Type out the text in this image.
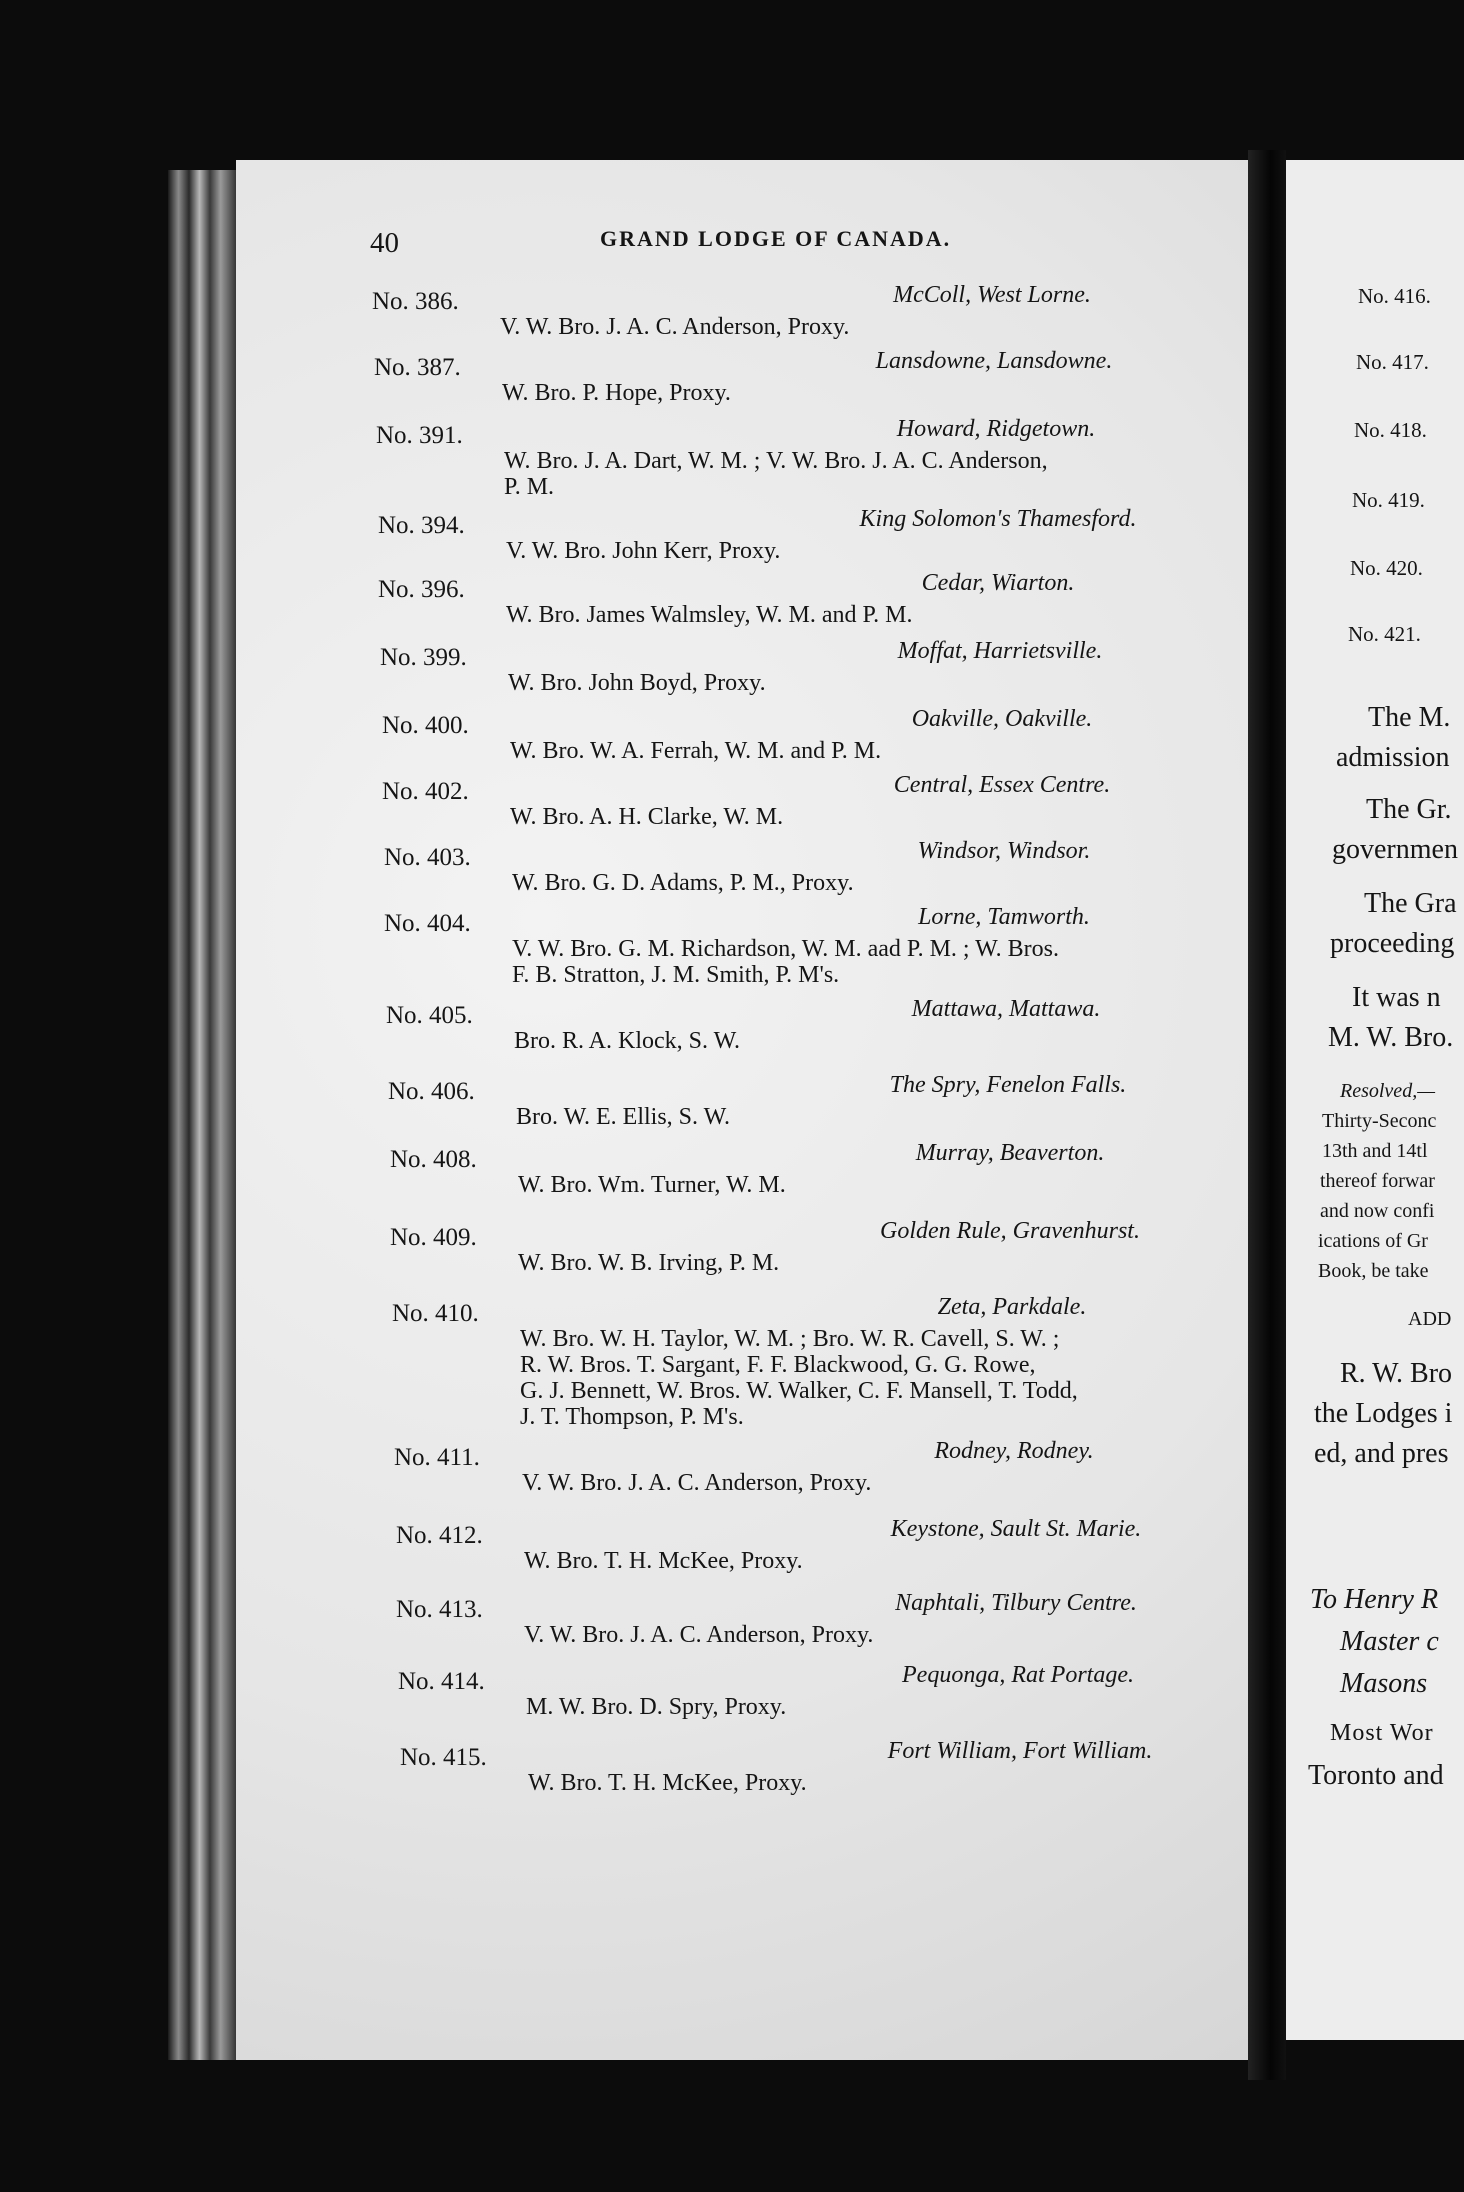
40	GRAND LODGE OF CANADA.
No. 386.	McColl, West Lorne.
V. W. Bro. J. A. C. Anderson, Proxy.
No. 387.	Lansdowne, Lansdowne.
W. Bro. P. Hope, Proxy.
No. 391.	Howard, Ridgetown.
W. Bro. J. A. Dart, W. M. ; V. W. Bro. J. A. C. Anderson,
P. M.
No. 394.	King Solomon's Thamesford.
V. W. Bro. John Kerr, Proxy.
No. 396.	Cedar, Wiarton.
W. Bro. James Walmsley, W. M. and P. M.
No. 399.	Moffat, Harrietsville.
W. Bro. John Boyd, Proxy.
No. 400.	Oakville, Oakville.
W. Bro. W. A. Ferrah, W. M. and P. M.
No. 402.	Central, Essex Centre.
W. Bro. A. H. Clarke, W. M.
No. 403.	Windsor, Windsor.
W. Bro. G. D. Adams, P. M., Proxy.
No. 404.	Lorne, Tamworth.
V. W. Bro. G. M. Richardson, W. M. aad P. M. ; W. Bros.
F. B. Stratton, J. M. Smith, P. M's.
No. 405.	Mattawa, Mattawa.
Bro. R. A. Klock, S. W.
No. 406.	The Spry, Fenelon Falls.
Bro. W. E. Ellis, S. W.
No. 408.	Murray, Beaverton.
W. Bro. Wm. Turner, W. M.
No. 409.	Golden Rule, Gravenhurst.
W. Bro. W. B. Irving, P. M.
No. 410.	Zeta, Parkdale.
W. Bro. W. H. Taylor, W. M. ; Bro. W. R. Cavell, S. W. ;
R. W. Bros. T. Sargant, F. F. Blackwood, G. G. Rowe,
G. J. Bennett, W. Bros. W. Walker, C. F. Mansell, T. Todd,
J. T. Thompson, P. M's.
No. 411.	Rodney, Rodney.
V. W. Bro. J. A. C. Anderson, Proxy.
No. 412.	Keystone, Sault St. Marie.
W. Bro. T. H. McKee, Proxy.
No. 413.	Naphtali, Tilbury Centre.
V. W. Bro. J. A. C. Anderson, Proxy.
No. 414.	Pequonga, Rat Portage.
M. W. Bro. D. Spry, Proxy.
No. 415.	Fort William, Fort William.
W. Bro. T. H. McKee, Proxy.
No. 416.
No. 417.
No. 418.
No. 419.
No. 420.
No. 421.
The M.
admission
The Gr.
governmen
The Gra
proceeding
It was n
M. W. Bro.
Resolved,—
Thirty-Seconc
13th and 14tl
thereof forwar
and now confi
ications of Gr
Book, be take
ADD
R. W. Bro
the Lodges i
ed, and pres
To Henry R
Master c
Masons
Most Wor
Toronto and
